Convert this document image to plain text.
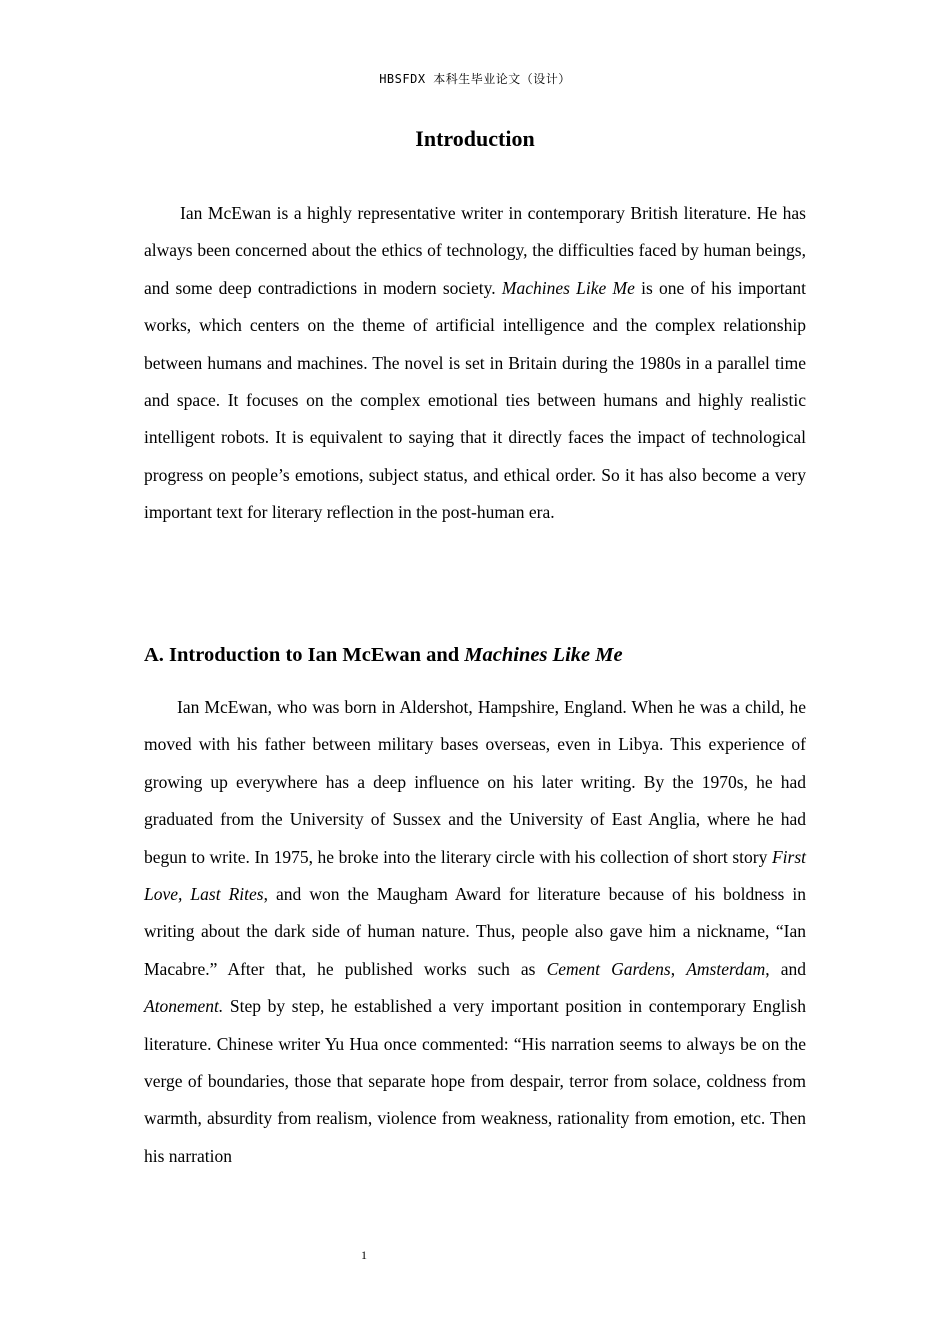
HBSFDX 本科生毕业论文（设计）
Introduction

Ian McEwan is a highly representative writer in contemporary British literature. He has always been concerned about the ethics of technology, the difficulties faced by human beings, and some deep contradictions in modern society. Machines Like Me is one of his important works, which centers on the theme of artificial intelligence and the complex relationship between humans and machines. The novel is set in Britain during the 1980s in a parallel time and space. It focuses on the complex emotional ties between humans and highly realistic intelligent robots. It is equivalent to saying that it directly faces the impact of technological progress on people’s emotions, subject status, and ethical order. So it has also become a very important text for literary reflection in the post-human era.

A. Introduction to Ian McEwan and Machines Like Me

Ian McEwan, who was born in Aldershot, Hampshire, England. When he was a child, he moved with his father between military bases overseas, even in Libya. This experience of growing up everywhere has a deep influence on his later writing. By the 1970s, he had graduated from the University of Sussex and the University of East Anglia, where he had begun to write. In 1975, he broke into the literary circle with his collection of short story First Love, Last Rites, and won the Maugham Award for literature because of his boldness in writing about the dark side of human nature. Thus, people also gave him a nickname, “Ian Macabre.” After that, he published works such as Cement Gardens, Amsterdam, and Atonement. Step by step, he established a very important position in contemporary English literature. Chinese writer Yu Hua once commented: “His narration seems to always be on the verge of boundaries, those that separate hope from despair, terror from solace, coldness from warmth, absurdity from realism, violence from weakness, rationality from emotion, etc. Then his narration

1
